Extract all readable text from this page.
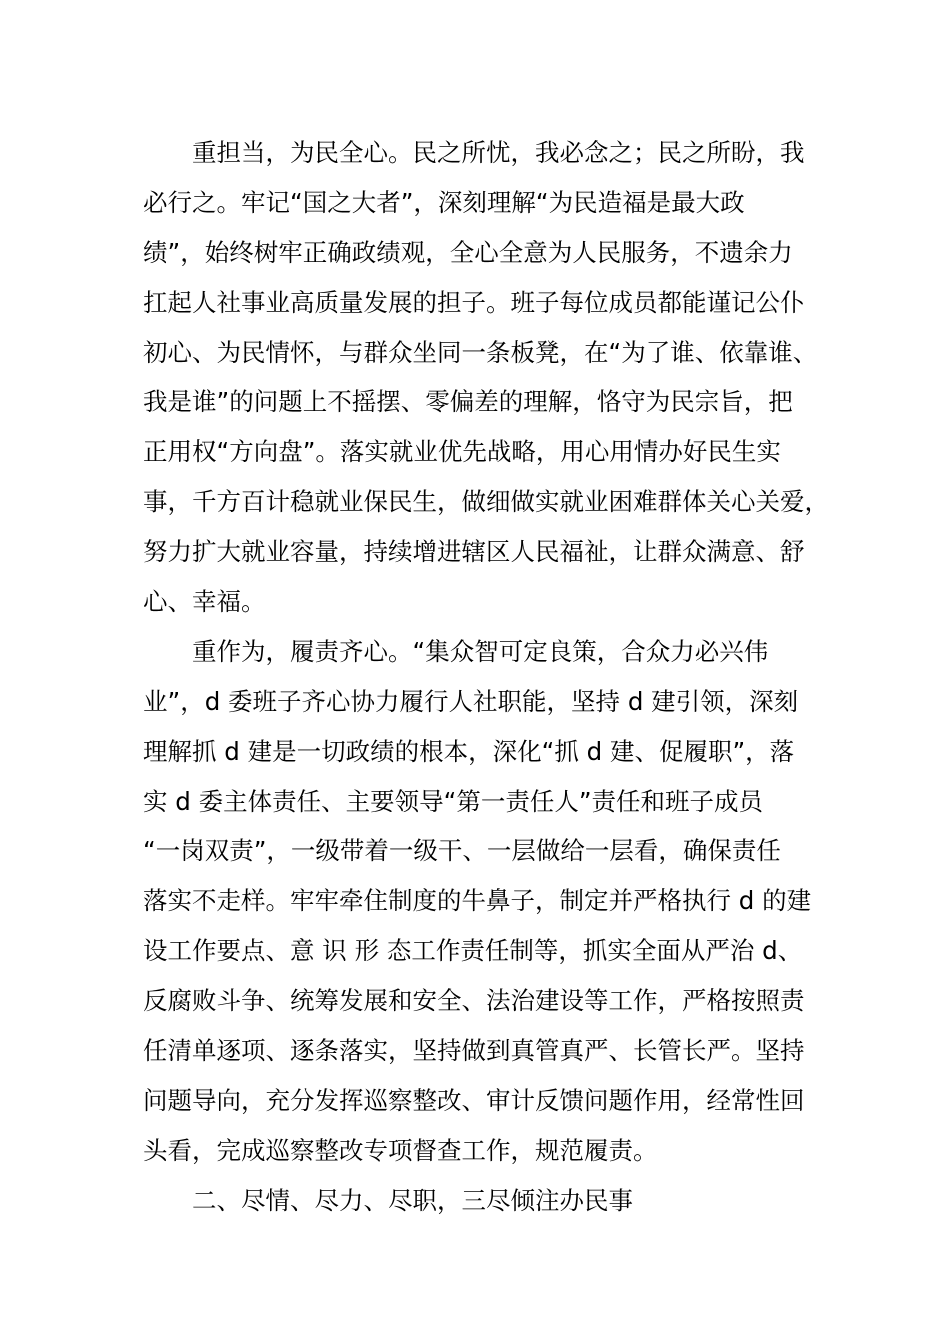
重担当，为民全心。民之所忧，我必念之；民之所盼，我
必行之。牢记“国之大者”，深刻理解“为民造福是最大政
绩”，始终树牢正确政绩观，全心全意为人民服务，不遗余力
扛起人社事业高质量发展的担子。班子每位成员都能谨记公仆
初心、为民情怀，与群众坐同一条板凳，在“为了谁、依靠谁、
我是谁”的问题上不摇摆、零偏差的理解，恪守为民宗旨，把
正用权“方向盘”。落实就业优先战略，用心用情办好民生实
事，千方百计稳就业保民生，做细做实就业困难群体关心关爱，
努力扩大就业容量，持续增进辖区人民福祉，让群众满意、舒
心、幸福。
重作为，履责齐心。“集众智可定良策，合众力必兴伟
业”，d 委班子齐心协力履行人社职能，坚持 d 建引领，深刻
理解抓 d 建是一切政绩的根本，深化“抓 d 建、促履职”，落
实 d 委主体责任、主要领导“第一责任人”责任和班子成员
“一岗双责”，一级带着一级干、一层做给一层看，确保责任
落实不走样。牢牢牵住制度的牛鼻子，制定并严格执行 d 的建
设工作要点、意 识 形 态工作责任制等，抓实全面从严治 d、
反腐败斗争、统筹发展和安全、法治建设等工作，严格按照责
任清单逐项、逐条落实，坚持做到真管真严、长管长严。坚持
问题导向，充分发挥巡察整改、审计反馈问题作用，经常性回
头看，完成巡察整改专项督查工作，规范履责。
二、尽情、尽力、尽职，三尽倾注办民事
